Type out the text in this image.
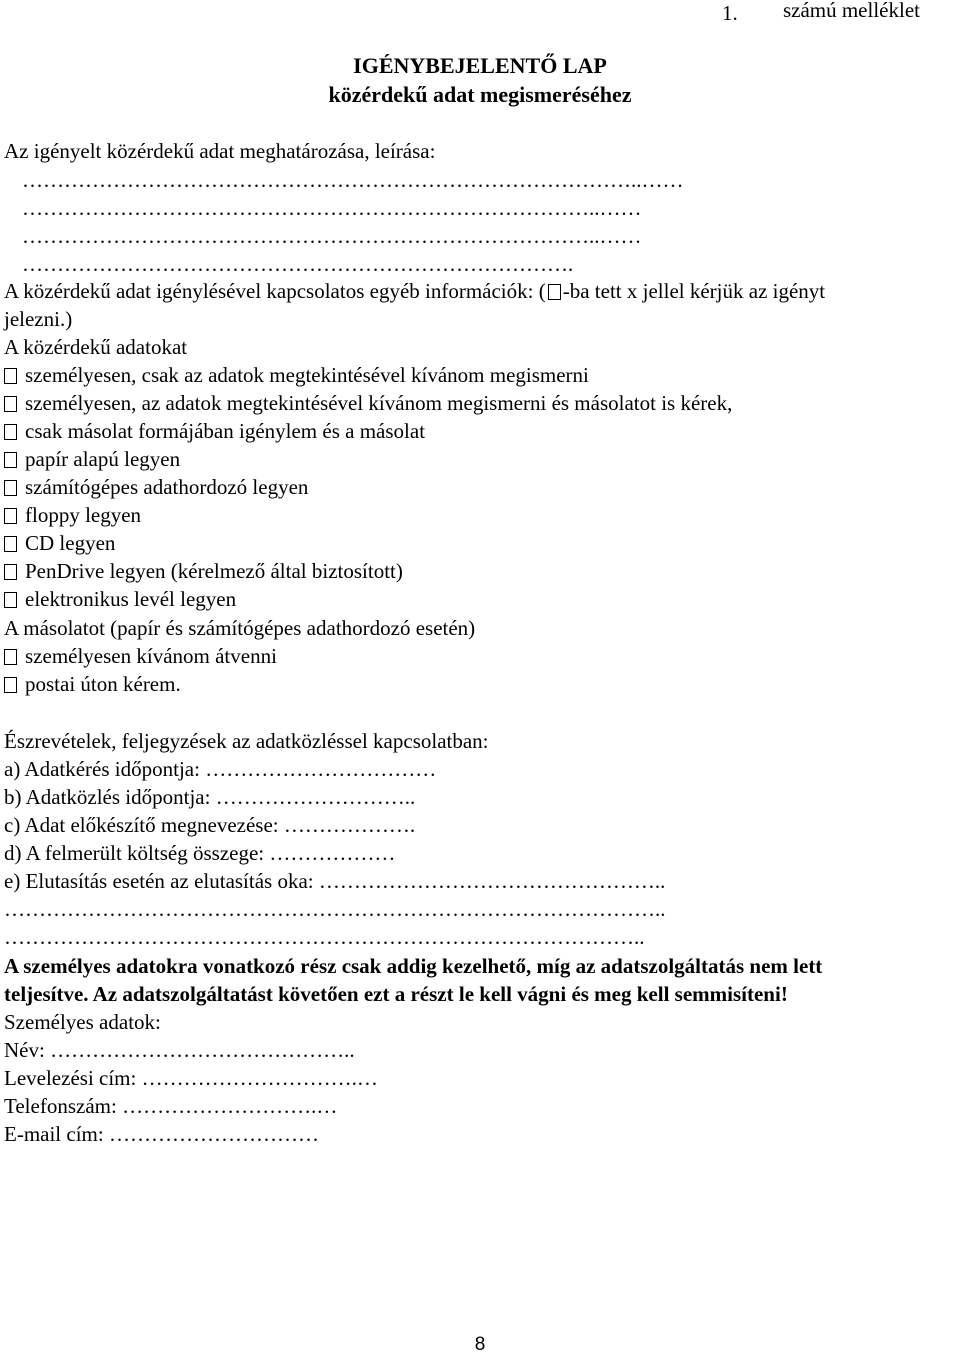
1. számú melléklet
IGÉNYBEJELENTŐ LAP
közérdekű adat megismeréséhez
Az igényelt közérdekű adat meghatározása, leírása:
……………………………………………………………………………..……
………………………………………………………………………..……
………………………………………………………………………..……
…………………………………………………………………….
A közérdekű adat igénylésével kapcsolatos egyéb információk: ( -ba tett x jellel kérjük az igényt
jelezni.)
A közérdekű adatokat
személyesen, csak az adatok megtekintésével kívánom megismerni
személyesen, az adatok megtekintésével kívánom megismerni és másolatot is kérek,
csak másolat formájában igénylem és a másolat
papír alapú legyen
számítógépes adathordozó legyen
floppy legyen
CD legyen
PenDrive legyen (kérelmező által biztosított)
elektronikus levél legyen
A másolatot (papír és számítógépes adathordozó esetén)
személyesen kívánom átvenni
postai úton kérem.
Észrevételek, feljegyzések az adatközléssel kapcsolatban:
a) Adatkérés időpontja: ……………………………
b) Adatközlés időpontja: ………………………..
c) Adat előkészítő megnevezése: ……………….
d) A felmerült költség összege: ………………
e) Elutasítás esetén az elutasítás oka: …………………………………………..
…………………………………………………………………………………..
………………………………………………………………………………..
A személyes adatokra vonatkozó rész csak addig kezelhető, míg az adatszolgáltatás nem lett
teljesítve. Az adatszolgáltatást követően ezt a részt le kell vágni és meg kell semmisíteni!
Személyes adatok:
Név: ……………………………………..
Levelezési cím: ………………………….…
Telefonszám: ……………………….…
E-mail cím: …………………………
8
